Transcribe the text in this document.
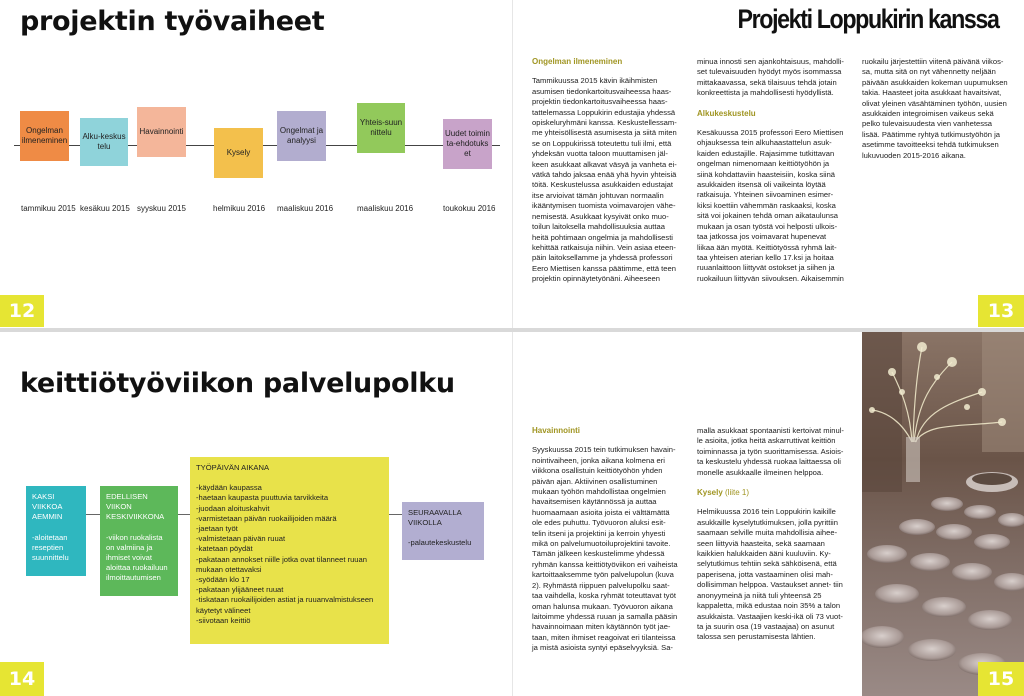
projektin työvaiheet	Projekti Loppukirin kanssa
Ongelman ilmeneminen Alku-keskustelu
Havainnointi
Kysely
Ongelmat ja analyysi
Yhteis-suunnittelu	Uudet toiminta-ehdotukset
tammikuu 2015 kesäkuu 2015 syyskuu 2015	helmikuu 2016 maaliskuu 2016	maaliskuu 2016	toukokuu 2016
Ongelman ilmeneminen

Tammikuussa 2015 kävin ikäihmisten asumisen tiedonkartoitusvaiheessa haas- projektin tiedonkartoitusvaiheessa haas- tattelemassa Loppukirin edustajia yhdessä opiskeluryhmäni kanssa. Keskustellessam- me yhteisöllisestä asumisesta ja siitä miten se on Loppukirissä toteutettu tuli ilmi, että yhdeksän vuotta taloon muuttamisen jäl- keen asukkaat alkavat väsyä ja vanheta ei- vätkä tahdo jaksaa enää yhä hyvin yhteisiä töitä. Keskustelussa asukkaiden edustajat itse arvioivat tämän johtuvan normaalin ikääntymisen tuomista voimavarojen vähe- nemisestä. Asukkaat kysyivät onko muo- toilun laitoksella mahdollisuuksia auttaa heitä pohtimaan ongelmia ja mahdollisesti kehittää ratkaisuja niihin. Vein asiaa eteen- päin laitoksellamme ja yhdessä professori Eero Miettisen kanssa päätimme, että teen projektin opinnäytetyönäni. Aiheeseen

minua innosti sen ajankohtaisuus, mahdolli- set tulevaisuuden hyödyt myös isommassa mittakaavassa, sekä tilaisuus tehdä jotain konkreettista ja mahdollisesti hyödyllistä.

Alkukeskustelu

Kesäkuussa 2015 professori Eero Miettisen ohjauksessa tein alkuhaastattelun asuk- kaiden edustajille. Rajasimme tutkittavan ongelman nimenomaan keittiötyöhön ja siinä kohdattaviin haasteisiin, koska siinä asukkaiden itsensä oli vaikeinta löytää ratkaisuja. Yhteinen siivoaminen esimer- kiksi koettiin vähemmän raskaaksi, koska sitä voi jokainen tehdä oman aikataulunsa mukaan ja osan työstä voi helposti ulkois- taa jatkossa jos voimavarat hupenevat liikaa ään myötä. Keittiötyössä ryhmä lait- taa yhteisen aterian kello 17.ksi ja hoitaa ruuanlaittoon liittyvät ostokset ja siihen ja ruokailuun liittyvän siivouksen. Aikaisemmin

ruokailu järjestettiin viitenä päivänä viikos- sa, mutta sitä on nyt vähennetty neljään päivään asukkaiden kokeman uupumuksen takia. Haasteet joita asukkaat havaitsivat, olivat yleinen väsähtäminen työhön, uusien asukkaiden integroimisen vaikeus sekä pelko tulevaisuudesta vien vanhetessa lisää. Päätimme ryhtyä tutkimustyöhön ja asetimme tavoitteeksi tehdä tutkimuksen lukuvuoden 2015-2016 aikana.

12	13
keittiötyöviikon palvelupolku
KAKSI VIIKKOA AEMMIN
-aloitetaan reseptien suunnittelu
EDELLISEN VIIKON KESKIVIIKKONA
-viikon ruokalista on valmiina ja ihmiset voivat aloittaa ruokailuun ilmoittautumisen
TYÖPÄIVÄN AIKANA
-käydään kaupassa
-haetaan kaupasta puuttuvia tarvikkeita
-juodaan aloituskahvit
-varmistetaan päivän ruokailijoiden määrä
-jaetaan työt
-valmistetaan päivän ruuat
-katetaan pöydät
-pakataan annokset niille jotka ovat tilanneet ruuan mukaan otettavaksi
-syödään klo 17
-pakataan ylijääneet ruuat
-tiskataan ruokailijoiden astiat ja ruuanvalmistukseen käytetyt välineet
-siivotaan keittiö
SEURAAVALLA VIIKOLLA
-palautekeskustelu
Havainnointi

Syyskuussa 2015 tein tutkimuksen havain- nointivaiheen, jonka aikana kolmena eri viikkona osallistuin keittiötyöhön yhden päivän ajan. Aktiivinen osallistuminen mukaan työhön mahdollistaa ongelmien havaitsemisen käytännössä ja auttaa huomaamaan asioita joista ei välttämättä ole edes puhuttu. Työvuoron aluksi esit- telin itseni ja projektini ja kerroin yhyesti mikä on palvelumuotoiluprojektini tavoite. Tämän jälkeen keskustelimme yhdessä ryhmän kanssa keittiötyöviikon eri vaiheista kartoittaaksemme työn palvelupolun (kuva 2). Ryhmästä riippuen palvelupolku saat- taa vaihdella, koska ryhmät toteuttavat työt oman halunsa mukaan. Työvuoron aikana laitoimme yhdessä ruuan ja samalla pääsin havainnoimaan miten käytännön työt jae- taan, miten ihmiset reagoivat eri tilanteissa ja mistä asioista syntyi epäselvyyksiä. Sa-

malla asukkaat spontaanisti kertoivat minul- le asioita, jotka heitä askarruttivat keittiön toiminnassa ja työn suorittamisessa. Asiois- ta keskustelu yhdessä ruokaa laittaessa oli monelle asukkaalle ilmeinen helppoa.

Kysely (liite 1)

Helmikuussa 2016 tein Loppukirin kaikille asukkaille kyselytutkimuksen, jolla pyrittiin saamaan selville muita mahdollisia aihee- seen liittyviä haasteita, sekä saamaan kaikkien halukkaiden ääni kuuluviin. Ky- selytutkimus tehtiin sekä sähköisenä, että paperisena, jotta vastaaminen olisi mah- dollisimman helppoa. Vastaukset annet- tiin anonyymeinä ja niitä tuli yhteensä 25 kappaletta, mikä edustaa noin 35% a talon asukkaista. Vastaajien keski-ikä oli 73 vuot- ta ja suurin osa (19 vastaajaa) on asunut talossa sen perustamisesta lähtien.

14	15
